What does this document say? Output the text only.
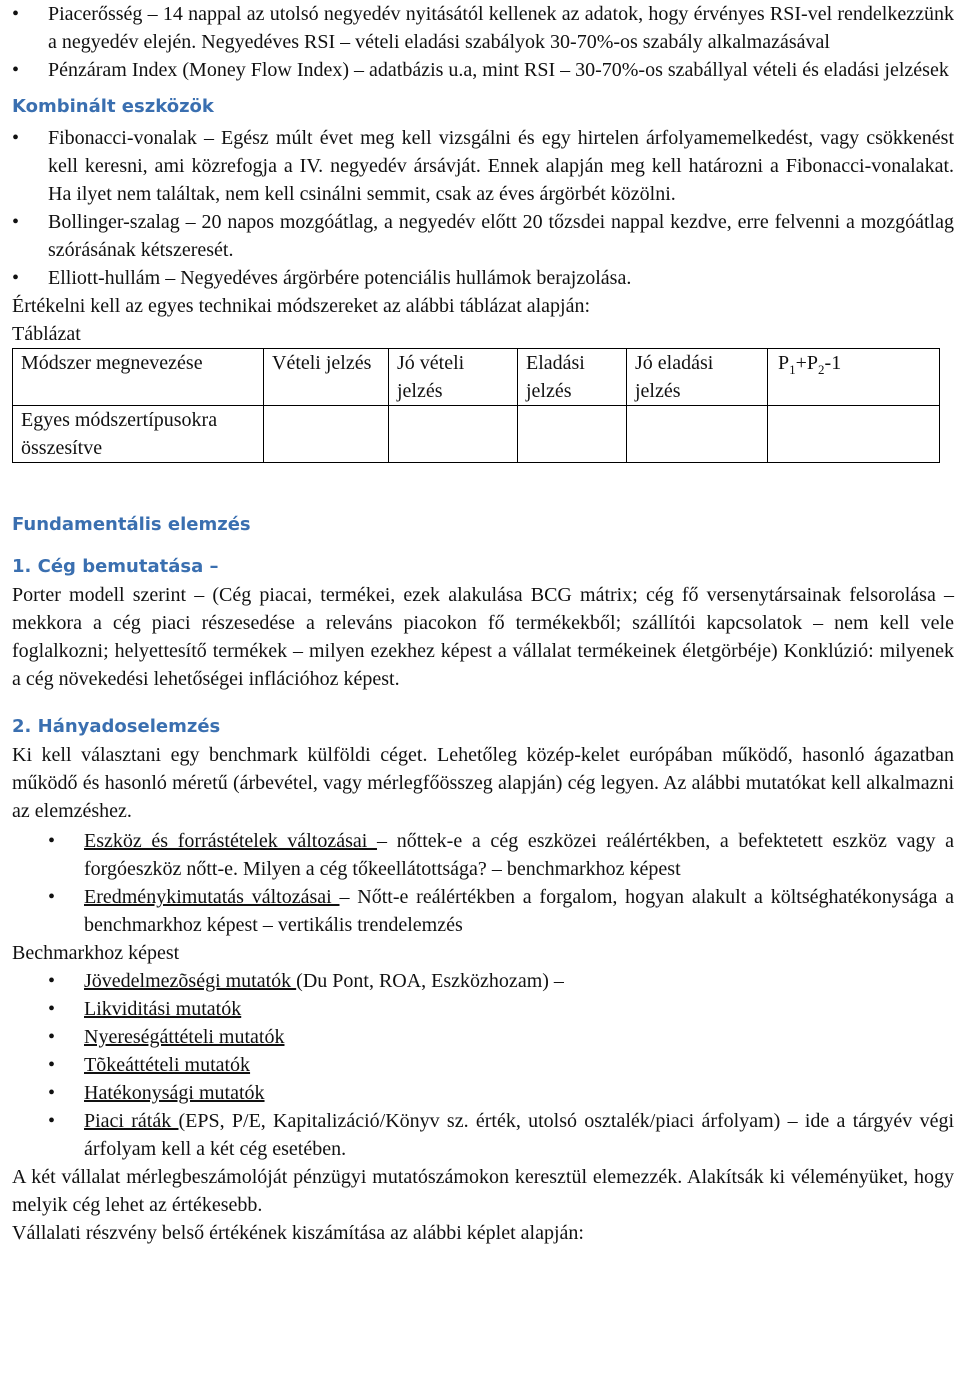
• Piacerősség – 14 nappal az utolsó negyedév nyitásától kellenek az adatok, hogy érvényes RSI-vel rendelkezzünk a negyedév elején. Negyedéves RSI – vételi eladási szabályok 30-70%-os szabály alkalmazásával
• Pénzáram Index (Money Flow Index) – adatbázis u.a, mint RSI – 30-70%-os szabállyal vételi és eladási jelzések
Kombinált eszközök
• Fibonacci-vonalak – Egész múlt évet meg kell vizsgálni és egy hirtelen árfolyamemelkedést, vagy csökkenést kell keresni, ami közrefogja a IV. negyedév ársávját. Ennek alapján meg kell határozni a Fibonacci-vonalakat. Ha ilyet nem találtak, nem kell csinálni semmit, csak az éves árgörbét közölni.
• Bollinger-szalag – 20 napos mozgóátlag, a negyedév előtt 20 tőzsdei nappal kezdve, erre felvenni a mozgóátlag szórásának kétszeresét.
• Elliott-hullám – Negyedéves árgörbére potenciális hullámok berajzolása.

Értékelni kell az egyes technikai módszereket az alábbi táblázat alapján:

Táblázat

Módszer megnevezése	Vételi jelzés	Jó vételi jelzés	Eladási jelzés	Jó eladási jelzés	$P_1+P_2-1$
Egyes módszertípusokra összesítve					
Fundamentális elemzés
1. Cég bemutatása –

Porter modell szerint – (Cég piacai, termékei, ezek alakulása BCG mátrix; cég fő versenytársainak felsorolása – mekkora a cég piaci részesedése a releváns piacokon fő termékekből; szállítói kapcsolatok – nem kell vele foglalkozni; helyettesítő termékek – milyen ezekhez képest a vállalat termékeinek életgörbéje) Konklúzió: milyenek a cég növekedési lehetőségei inflációhoz képest.

2. Hányadoselemzés

Ki kell választani egy benchmark külföldi céget. Lehetőleg közép-kelet európában működő, hasonló ágazatban működő és hasonló méretű (árbevétel, vagy mérlegfőösszeg alapján) cég legyen. Az alábbi mutatókat kell alkalmazni az elemzéshez.

• Eszköz és forrástételek változásai – nőttek-e a cég eszközei reálértékben, a befektetett eszköz vagy a forgóeszköz nőtt-e. Milyen a cég tőkeellátottsága? – benchmarkhoz képest
• Eredménykimutatás változásai – Nőtt-e reálértékben a forgalom, hogyan alakult a költséghatékonysága a benchmarkhoz képest – vertikális trendelemzés

Bechmarkhoz képest

• Jövedelmezõségi mutatók (Du Pont, ROA, Eszközhozam) –
• Likviditási mutatók
• Nyereségáttételi mutatók
• Tõkeáttételi mutatók
• Hatékonysági mutatók
• Piaci ráták (EPS, P/E, Kapitalizáció/Könyv sz. érték, utolsó osztalék/piaci árfolyam) – ide a tárgyév végi árfolyam kell a két cég esetében.

A két vállalat mérlegbeszámolóját pénzügyi mutatószámokon keresztül elemezzék. Alakítsák ki véleményüket, hogy melyik cég lehet az értékesebb.

Vállalati részvény belső értékének kiszámítása az alábbi képlet alapján:
